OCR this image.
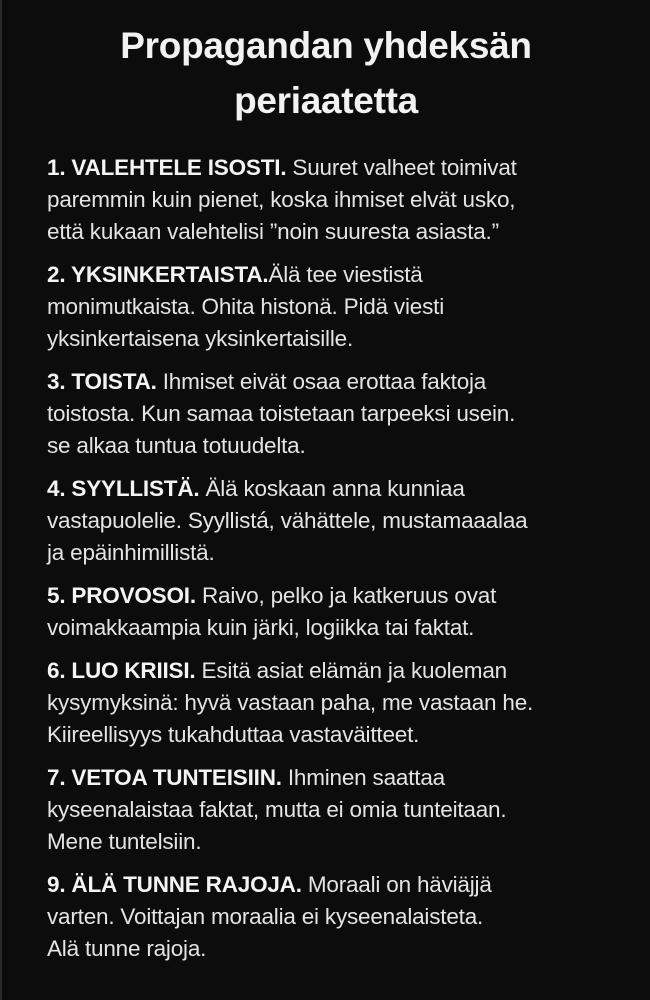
Propagandan yhdeksän
periaatetta
1. VALEHTELE ISOSTI. Suuret valheet toimivat
paremmin kuin pienet, koska ihmiset elvät usko,
että kukaan valehtelisi ”noin suuresta asiasta.”
2. YKSINKERTAISTA.Älä tee viestistä
monimutkaista. Ohita histonä. Pidä viesti
yksinkertaisena yksinkertaisille.
3. TOISTA. Ihmiset eivät osaa erottaa faktoja
toistosta. Kun samaa toistetaan tarpeeksi usein.
se alkaa tuntua totuudelta.
4. SYYLLISTÄ. Älä koskaan anna kunniaa
vastapuolelie. Syyllistá, vähättele, mustamaaalaa
ja epäinhimillistä.
5. PROVOSOI. Raivo, pelko ja katkeruus ovat
voimakkaampia kuin järki, logiikka tai faktat.
6. LUO KRIISI. Esitä asiat elämän ja kuoleman
kysymyksinä: hyvä vastaan paha, me vastaan he.
Kiireellisyys tukahduttaa vastaväitteet.
7. VETOA TUNTEISIIN. Ihminen saattaa
kyseenalaistaa faktat, mutta ei omia tunteitaan.
Mene tuntelsiin.
9. ÄLÄ TUNNE RAJOJA. Moraali on häviäjjä
varten. Voittajan moraalia ei kyseenalaisteta.
Alä tunne rajoja.
